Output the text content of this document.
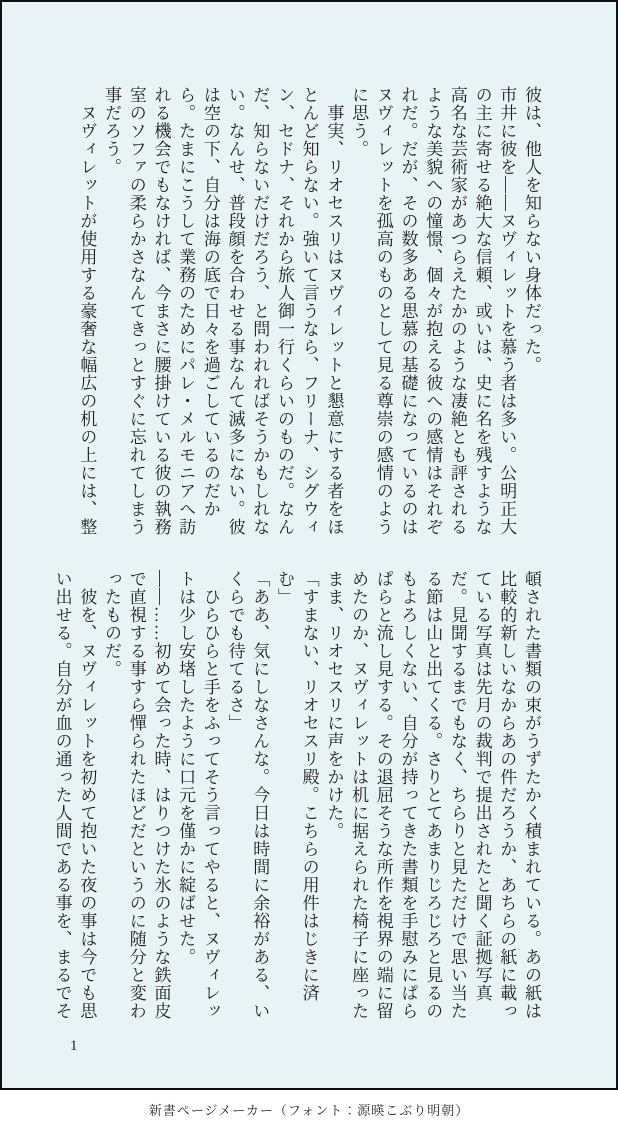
彼は、他人を知らない身体だった。

市井に彼を――ヌヴィレットを慕う者は多い。公明正大の主に寄せる絶大な信頼、或いは、史に名を残すような高名な芸術家があつらえたかのような凄絶とも評されるような美貌への憧憬、個々が抱える彼への感情はそれぞれだ。だが、その数多ある思慕の基礎になっているのはヌヴィレットを孤高のものとして見る尊崇の感情のように思う。

　事実、リオセスリはヌヴィレットと懇意にする者をほとんど知らない。強いて言うなら、フリーナ、シグウィン、セドナ、それから旅人御一行くらいのものだ。なんだ、知らないだけだろう、と問われればそうかもしれない。なんせ、普段顔を合わせる事なんて滅多にない。彼は空の下、自分は海の底で日々を過ごしているのだから。たまにこうして業務のためにパレ・メルモニアへ訪れる機会でもなければ、今まさに腰掛けている彼の執務室のソファの柔らかさなんてきっとすぐに忘れてしまう事だろう。

　ヌヴィレットが使用する豪奢な幅広の机の上には、整

頓された書類の束がうずたかく積まれている。あの紙は比較的新しいなからあの件だろうか、あちらの紙に載っている写真は先月の裁判で提出されたと聞く証拠写真だ。見聞するまでもなく、ちらりと見ただけで思い当たる節は山と出てくる。さりとてあまりじろじろと見るのもよろしくない、自分が持ってきた書類を手慰みにぱらぱらと流し見する。その退屈そうな所作を視界の端に留めたのか、ヌヴィレットは机に据えられた椅子に座ったまま、リオセスリに声をかけた。

「すまない、リオセスリ殿。こちらの用件はじきに済む」

「ああ、気にしなさんな。今日は時間に余裕がある、いくらでも待てるさ」

　ひらひらと手をふってそう言ってやると、ヌヴィレットは少し安堵したように口元を僅かに綻ばせた。――……初めて会った時、はりつけた氷のような鉄面皮で直視する事すら憚られたほどだというのに随分と変わったものだ。

　彼を、ヌヴィレットを初めて抱いた夜の事は今でも思い出せる。自分が血の通った人間である事を、まるでそ

1
新書ページメーカー（フォント：源暎こぶり明朝）
